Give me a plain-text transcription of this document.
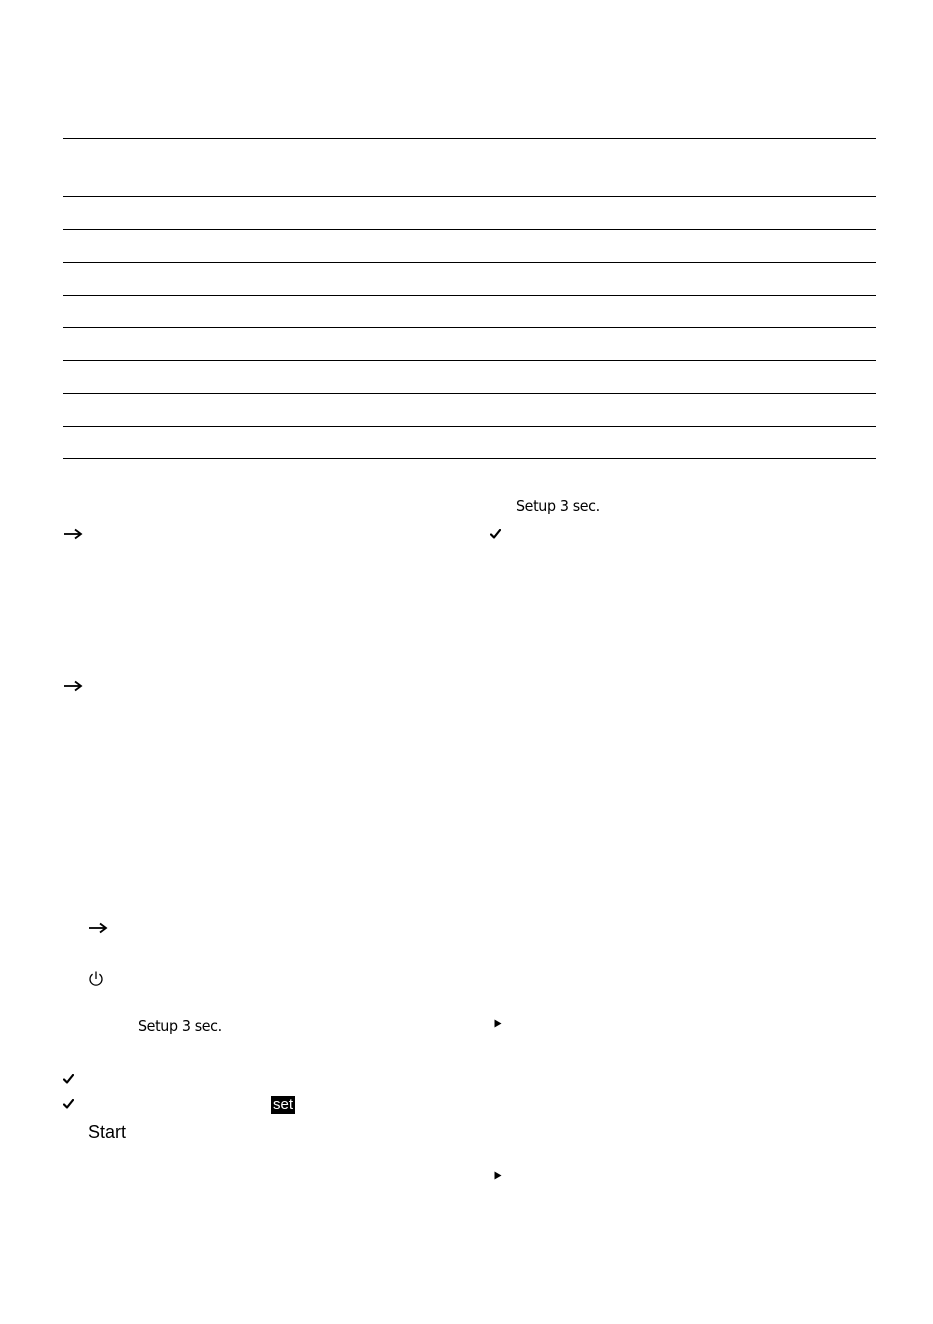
Setup 3 sec.
Setup 3 sec.
set
Start
